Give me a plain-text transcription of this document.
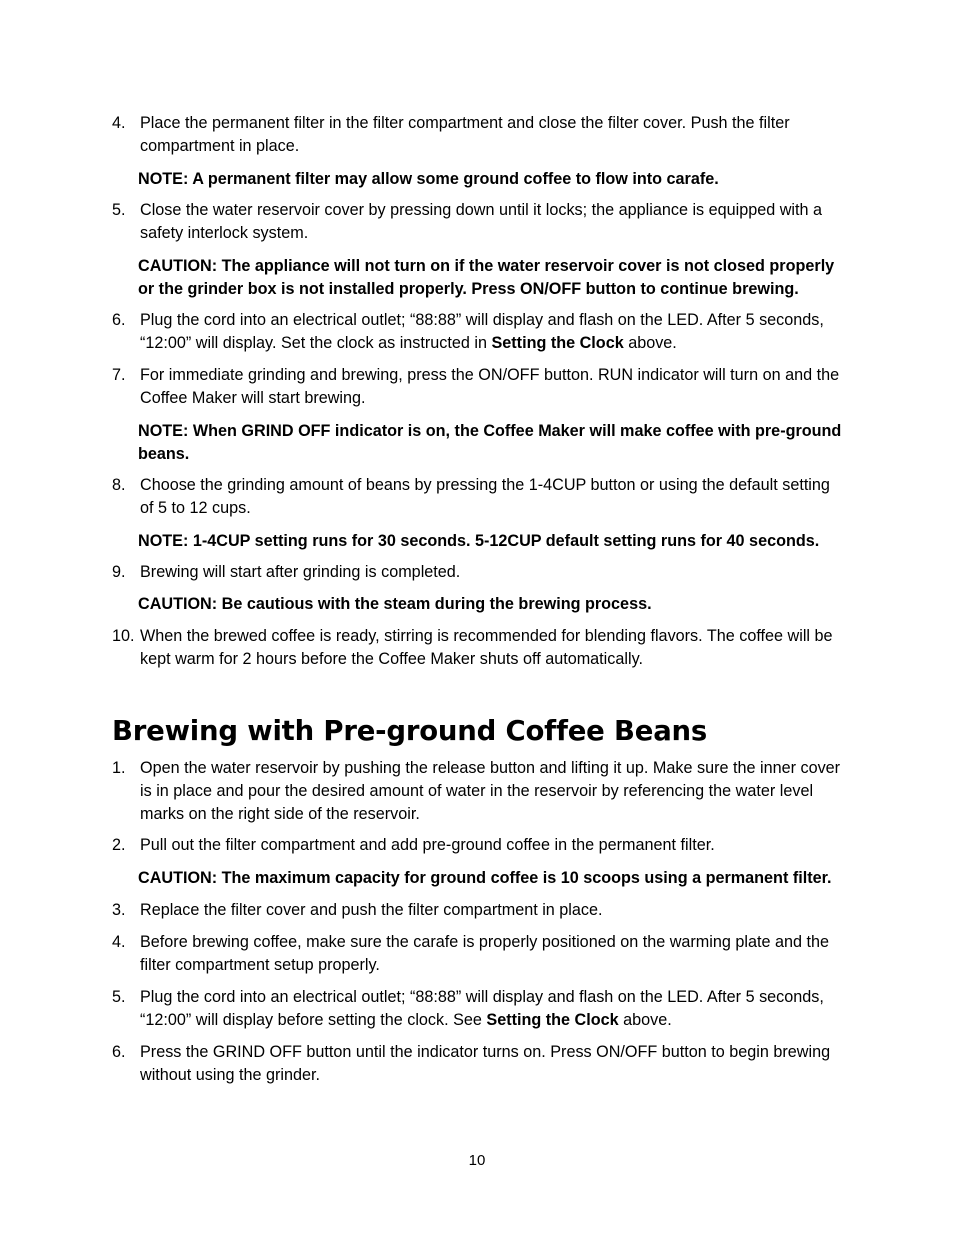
4. Place the permanent filter in the filter compartment and close the filter cover. Push the filter compartment in place.
NOTE: A permanent filter may allow some ground coffee to flow into carafe.
5. Close the water reservoir cover by pressing down until it locks; the appliance is equipped with a safety interlock system.
CAUTION: The appliance will not turn on if the water reservoir cover is not closed properly or the grinder box is not installed properly. Press ON/OFF button to continue brewing.
6. Plug the cord into an electrical outlet; “88:88” will display and flash on the LED. After 5 seconds, “12:00” will display. Set the clock as instructed in Setting the Clock above.
7. For immediate grinding and brewing, press the ON/OFF button. RUN indicator will turn on and the Coffee Maker will start brewing.
NOTE: When GRIND OFF indicator is on, the Coffee Maker will make coffee with pre-ground beans.
8. Choose the grinding amount of beans by pressing the 1-4CUP button or using the default setting of 5 to 12 cups.
NOTE: 1-4CUP setting runs for 30 seconds. 5-12CUP default setting runs for 40 seconds.
9. Brewing will start after grinding is completed.
CAUTION: Be cautious with the steam during the brewing process.
10. When the brewed coffee is ready, stirring is recommended for blending flavors. The coffee will be kept warm for 2 hours before the Coffee Maker shuts off automatically.
Brewing with Pre-ground Coffee Beans
1. Open the water reservoir by pushing the release button and lifting it up. Make sure the inner cover is in place and pour the desired amount of water in the reservoir by referencing the water level marks on the right side of the reservoir.
2. Pull out the filter compartment and add pre-ground coffee in the permanent filter.
CAUTION: The maximum capacity for ground coffee is 10 scoops using a permanent filter.
3. Replace the filter cover and push the filter compartment in place.
4. Before brewing coffee, make sure the carafe is properly positioned on the warming plate and the filter compartment setup properly.
5. Plug the cord into an electrical outlet; “88:88” will display and flash on the LED. After 5 seconds, “12:00” will display before setting the clock. See Setting the Clock above.
6. Press the GRIND OFF button until the indicator turns on. Press ON/OFF button to begin brewing without using the grinder.
10
